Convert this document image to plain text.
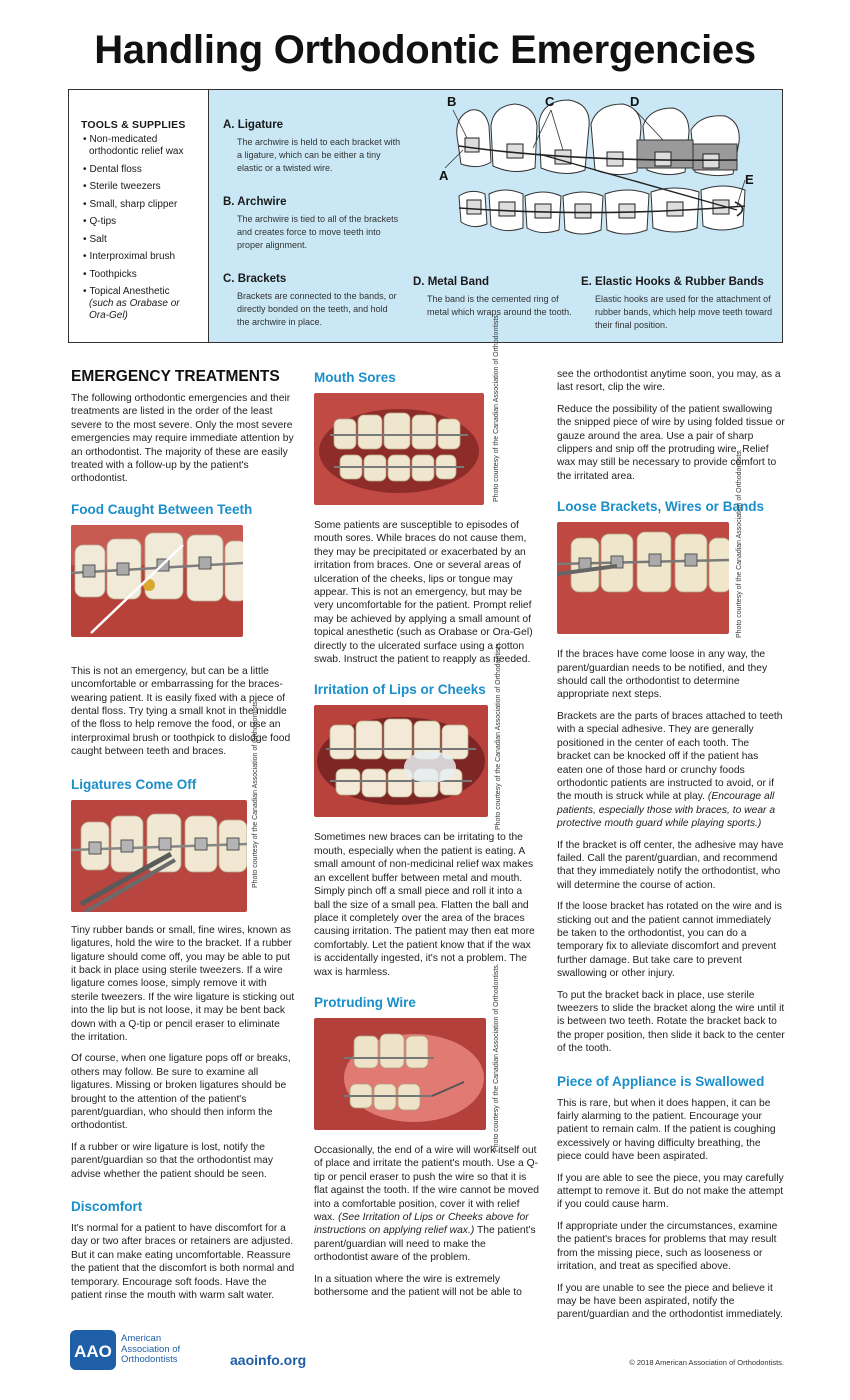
Handling Orthodontic Emergencies
TOOLS & SUPPLIES
• Non-medicated orthodontic relief wax
• Dental floss
• Sterile tweezers
• Small, sharp clipper
• Q-tips
• Salt
• Interproximal brush
• Toothpicks
• Topical Anesthetic
(such as Orabase or Ora-Gel)
A. Ligature

The archwire is held to each bracket with a ligature, which can be either a tiny elastic or a twisted wire.

B. Archwire

The archwire is tied to all of the brackets and creates force to move teeth into proper alignment.

C. Brackets

Brackets are connected to the bands, or directly bonded on the teeth, and hold the archwire in place.

D. Metal Band

The band is the cemented ring of metal which wraps around the tooth.

E. Elastic Hooks & Rubber Bands

Elastic hooks are used for the attachment of rubber bands, which help move teeth toward their final position.

B	C	D
A	E
EMERGENCY TREATMENTS

The following orthodontic emergencies and their treatments are listed in the order of the least severe to the most severe. Only the most severe emergencies may require immediate attention by an orthodontist. The majority of these are easily treated with a follow-up by the patient's orthodontist.

Food Caught Between Teeth

This is not an emergency, but can be a little uncomfortable or embarrassing for the braces-wearing patient. It is easily fixed with a piece of dental floss. Try tying a small knot in the middle of the floss to help remove the food, or use an interproximal brush or toothpick to dislodge food caught between teeth and braces.

Ligatures Come Off	Photo courtesy of the Canadian Association of Orthodontists.

Tiny rubber bands or small, fine wires, known as ligatures, hold the wire to the bracket. If a rubber ligature should come off, you may be able to put it back in place using sterile tweezers. If a wire ligature comes loose, simply remove it with sterile tweezers. If the wire ligature is sticking out into the lip but is not loose, it may be bent back down with a Q-tip or pencil eraser to eliminate the irritation.

Of course, when one ligature pops off or breaks, others may follow. Be sure to examine all ligatures. Missing or broken ligatures should be brought to the attention of the patient's parent/guardian, who should then inform the orthodontist.

If a rubber or wire ligature is lost, notify the parent/guardian so that the orthodontist may advise whether the patient should be seen.

Discomfort

It's normal for a patient to have discomfort for a day or two after braces or retainers are adjusted. But it can make eating uncomfortable. Reassure the patient that the discomfort is both normal and temporary. Encourage soft foods. Have the patient rinse the mouth with warm salt water.

Mouth Sores	Photo courtesy of the Canadian Association of Orthodontists.

Some patients are susceptible to episodes of mouth sores. While braces do not cause them, they may be precipitated or exacerbated by an irritation from braces. One or several areas of ulceration of the cheeks, lips or tongue may appear. This is not an emergency, but may be very uncomfortable for the patient. Prompt relief may be achieved by applying a small amount of topical anesthetic (such as Orabase or Ora-Gel) directly to the ulcerated surface using a cotton swab. Instruct the patient to reapply as needed.

Irritation of Lips or Cheeks	Photo courtesy of the Canadian Association of Orthodontists.

Sometimes new braces can be irritating to the mouth, especially when the patient is eating. A small amount of non-medicinal relief wax makes an excellent buffer between metal and mouth. Simply pinch off a small piece and roll it into a ball the size of a small pea. Flatten the ball and place it completely over the area of the braces causing irritation. The patient may then eat more comfortably. Let the patient know that if the wax is accidentally ingested, it's not a problem. The wax is harmless.

Protruding Wire	Photo courtesy of the Canadian Association of Orthodontists.

Occasionally, the end of a wire will work itself out of place and irritate the patient's mouth. Use a Q-tip or pencil eraser to push the wire so that it is flat against the tooth. If the wire cannot be moved into a comfortable position, cover it with relief wax. (See Irritation of Lips or Cheeks above for instructions on applying relief wax.) The patient's parent/guardian will need to make the orthodontist aware of the problem.

In a situation where the wire is extremely bothersome and the patient will not be able to

see the orthodontist anytime soon, you may, as a last resort, clip the wire.

Reduce the possibility of the patient swallowing the snipped piece of wire by using folded tissue or gauze around the area. Use a pair of sharp clippers and snip off the protruding wire. Relief wax may still be necessary to provide comfort to the irritated area.

Loose Brackets, Wires or Bands
Photo courtesy of the Canadian Association of Orthodontists.

If the braces have come loose in any way, the parent/guardian needs to be notified, and they should call the orthodontist to determine appropriate next steps.

Brackets are the parts of braces attached to teeth with a special adhesive. They are generally positioned in the center of each tooth. The bracket can be knocked off if the patient has eaten one of those hard or crunchy foods orthodontic patients are instructed to avoid, or if the mouth is struck while at play. (Encourage all patients, especially those with braces, to wear a protective mouth guard while playing sports.)

If the bracket is off center, the adhesive may have failed. Call the parent/guardian, and recommend that they immediately notify the orthodontist, who will determine the course of action.

If the loose bracket has rotated on the wire and is sticking out and the patient cannot immediately be taken to the orthodontist, you can do a temporary fix to alleviate discomfort and prevent further damage. But take care to prevent swallowing or other injury.

To put the bracket back in place, use sterile tweezers to slide the bracket along the wire until it is between two teeth. Rotate the bracket back to the proper position, then slide it back to the center of the tooth.

Piece of Appliance is Swallowed

This is rare, but when it does happen, it can be fairly alarming to the patient. Encourage your patient to remain calm. If the patient is coughing excessively or having difficulty breathing, the piece could have been aspirated.

If you are able to see the piece, you may carefully attempt to remove it. But do not make the attempt if you could cause harm.

If appropriate under the circumstances, examine the patient's braces for problems that may result from the missing piece, such as looseness or irritation, and treat as specified above.

If you are unable to see the piece and believe it may be have been aspirated, notify the parent/guardian and the orthodontist immediately.

AAO
American
Association of
Orthodontists	aaoinfo.org	© 2018 American Association of Orthodontists.
